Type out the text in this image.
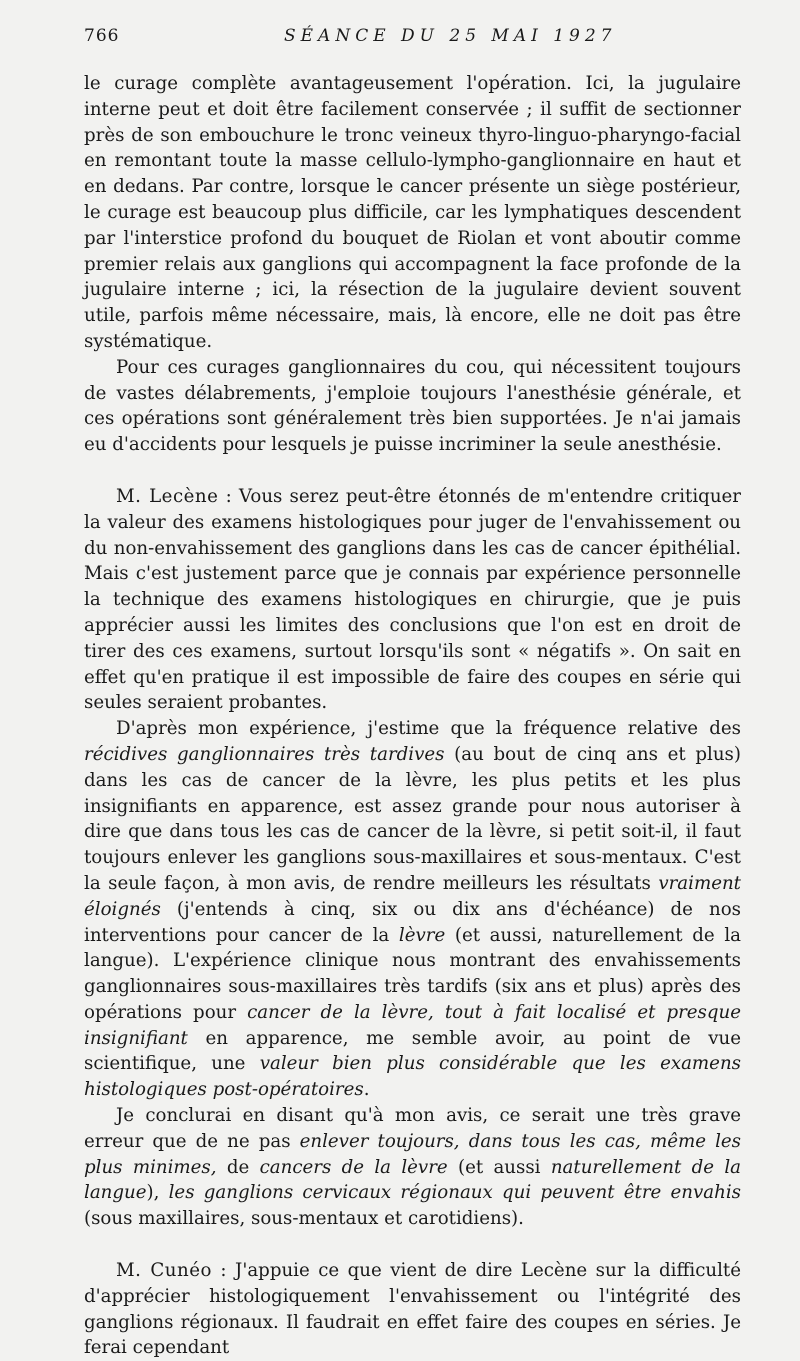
766	SÉANCE DU 25 MAI 1927

le curage complète avantageusement l'opération. Ici, la jugulaire interne peut et doit être facilement conservée ; il suffit de sectionner près de son embouchure le tronc veineux thyro-linguo-pharyngo-facial en remontant toute la masse cellulo-lympho-ganglionnaire en haut et en dedans. Par contre, lorsque le cancer présente un siège postérieur, le curage est beaucoup plus difficile, car les lymphatiques descendent par l'interstice profond du bouquet de Riolan et vont aboutir comme premier relais aux ganglions qui accompagnent la face profonde de la jugulaire interne ; ici, la résection de la jugulaire devient souvent utile, parfois même nécessaire, mais, là encore, elle ne doit pas être systématique.

Pour ces curages ganglionnaires du cou, qui nécessitent toujours de vastes délabrements, j'emploie toujours l'anesthésie générale, et ces opérations sont généralement très bien supportées. Je n'ai jamais eu d'accidents pour lesquels je puisse incriminer la seule anesthésie.

M. Lecène : Vous serez peut-être étonnés de m'entendre critiquer la valeur des examens histologiques pour juger de l'envahissement ou du non-envahissement des ganglions dans les cas de cancer épithélial. Mais c'est justement parce que je connais par expérience personnelle la technique des examens histologiques en chirurgie, que je puis apprécier aussi les limites des conclusions que l'on est en droit de tirer des ces examens, surtout lorsqu'ils sont « négatifs ». On sait en effet qu'en pratique il est impossible de faire des coupes en série qui seules seraient probantes.

D'après mon expérience, j'estime que la fréquence relative des récidives ganglionnaires très tardives (au bout de cinq ans et plus) dans les cas de cancer de la lèvre, les plus petits et les plus insignifiants en apparence, est assez grande pour nous autoriser à dire que dans tous les cas de cancer de la lèvre, si petit soit-il, il faut toujours enlever les ganglions sous-maxillaires et sous-mentaux. C'est la seule façon, à mon avis, de rendre meilleurs les résultats vraiment éloignés (j'entends à cinq, six ou dix ans d'échéance) de nos interventions pour cancer de la lèvre (et aussi, naturellement de la langue). L'expérience clinique nous montrant des envahissements ganglionnaires sous-maxillaires très tardifs (six ans et plus) après des opérations pour cancer de la lèvre, tout à fait localisé et presque insignifiant en apparence, me semble avoir, au point de vue scientifique, une valeur bien plus considérable que les examens histologiques post-opératoires.

Je conclurai en disant qu'à mon avis, ce serait une très grave erreur que de ne pas enlever toujours, dans tous les cas, même les plus minimes, de cancers de la lèvre (et aussi naturellement de la langue), les ganglions cervicaux régionaux qui peuvent être envahis (sous maxillaires, sous-mentaux et carotidiens).

M. Cunéo : J'appuie ce que vient de dire Lecène sur la difficulté d'apprécier histologiquement l'envahissement ou l'intégrité des ganglions régionaux. Il faudrait en effet faire des coupes en séries. Je ferai cependant
